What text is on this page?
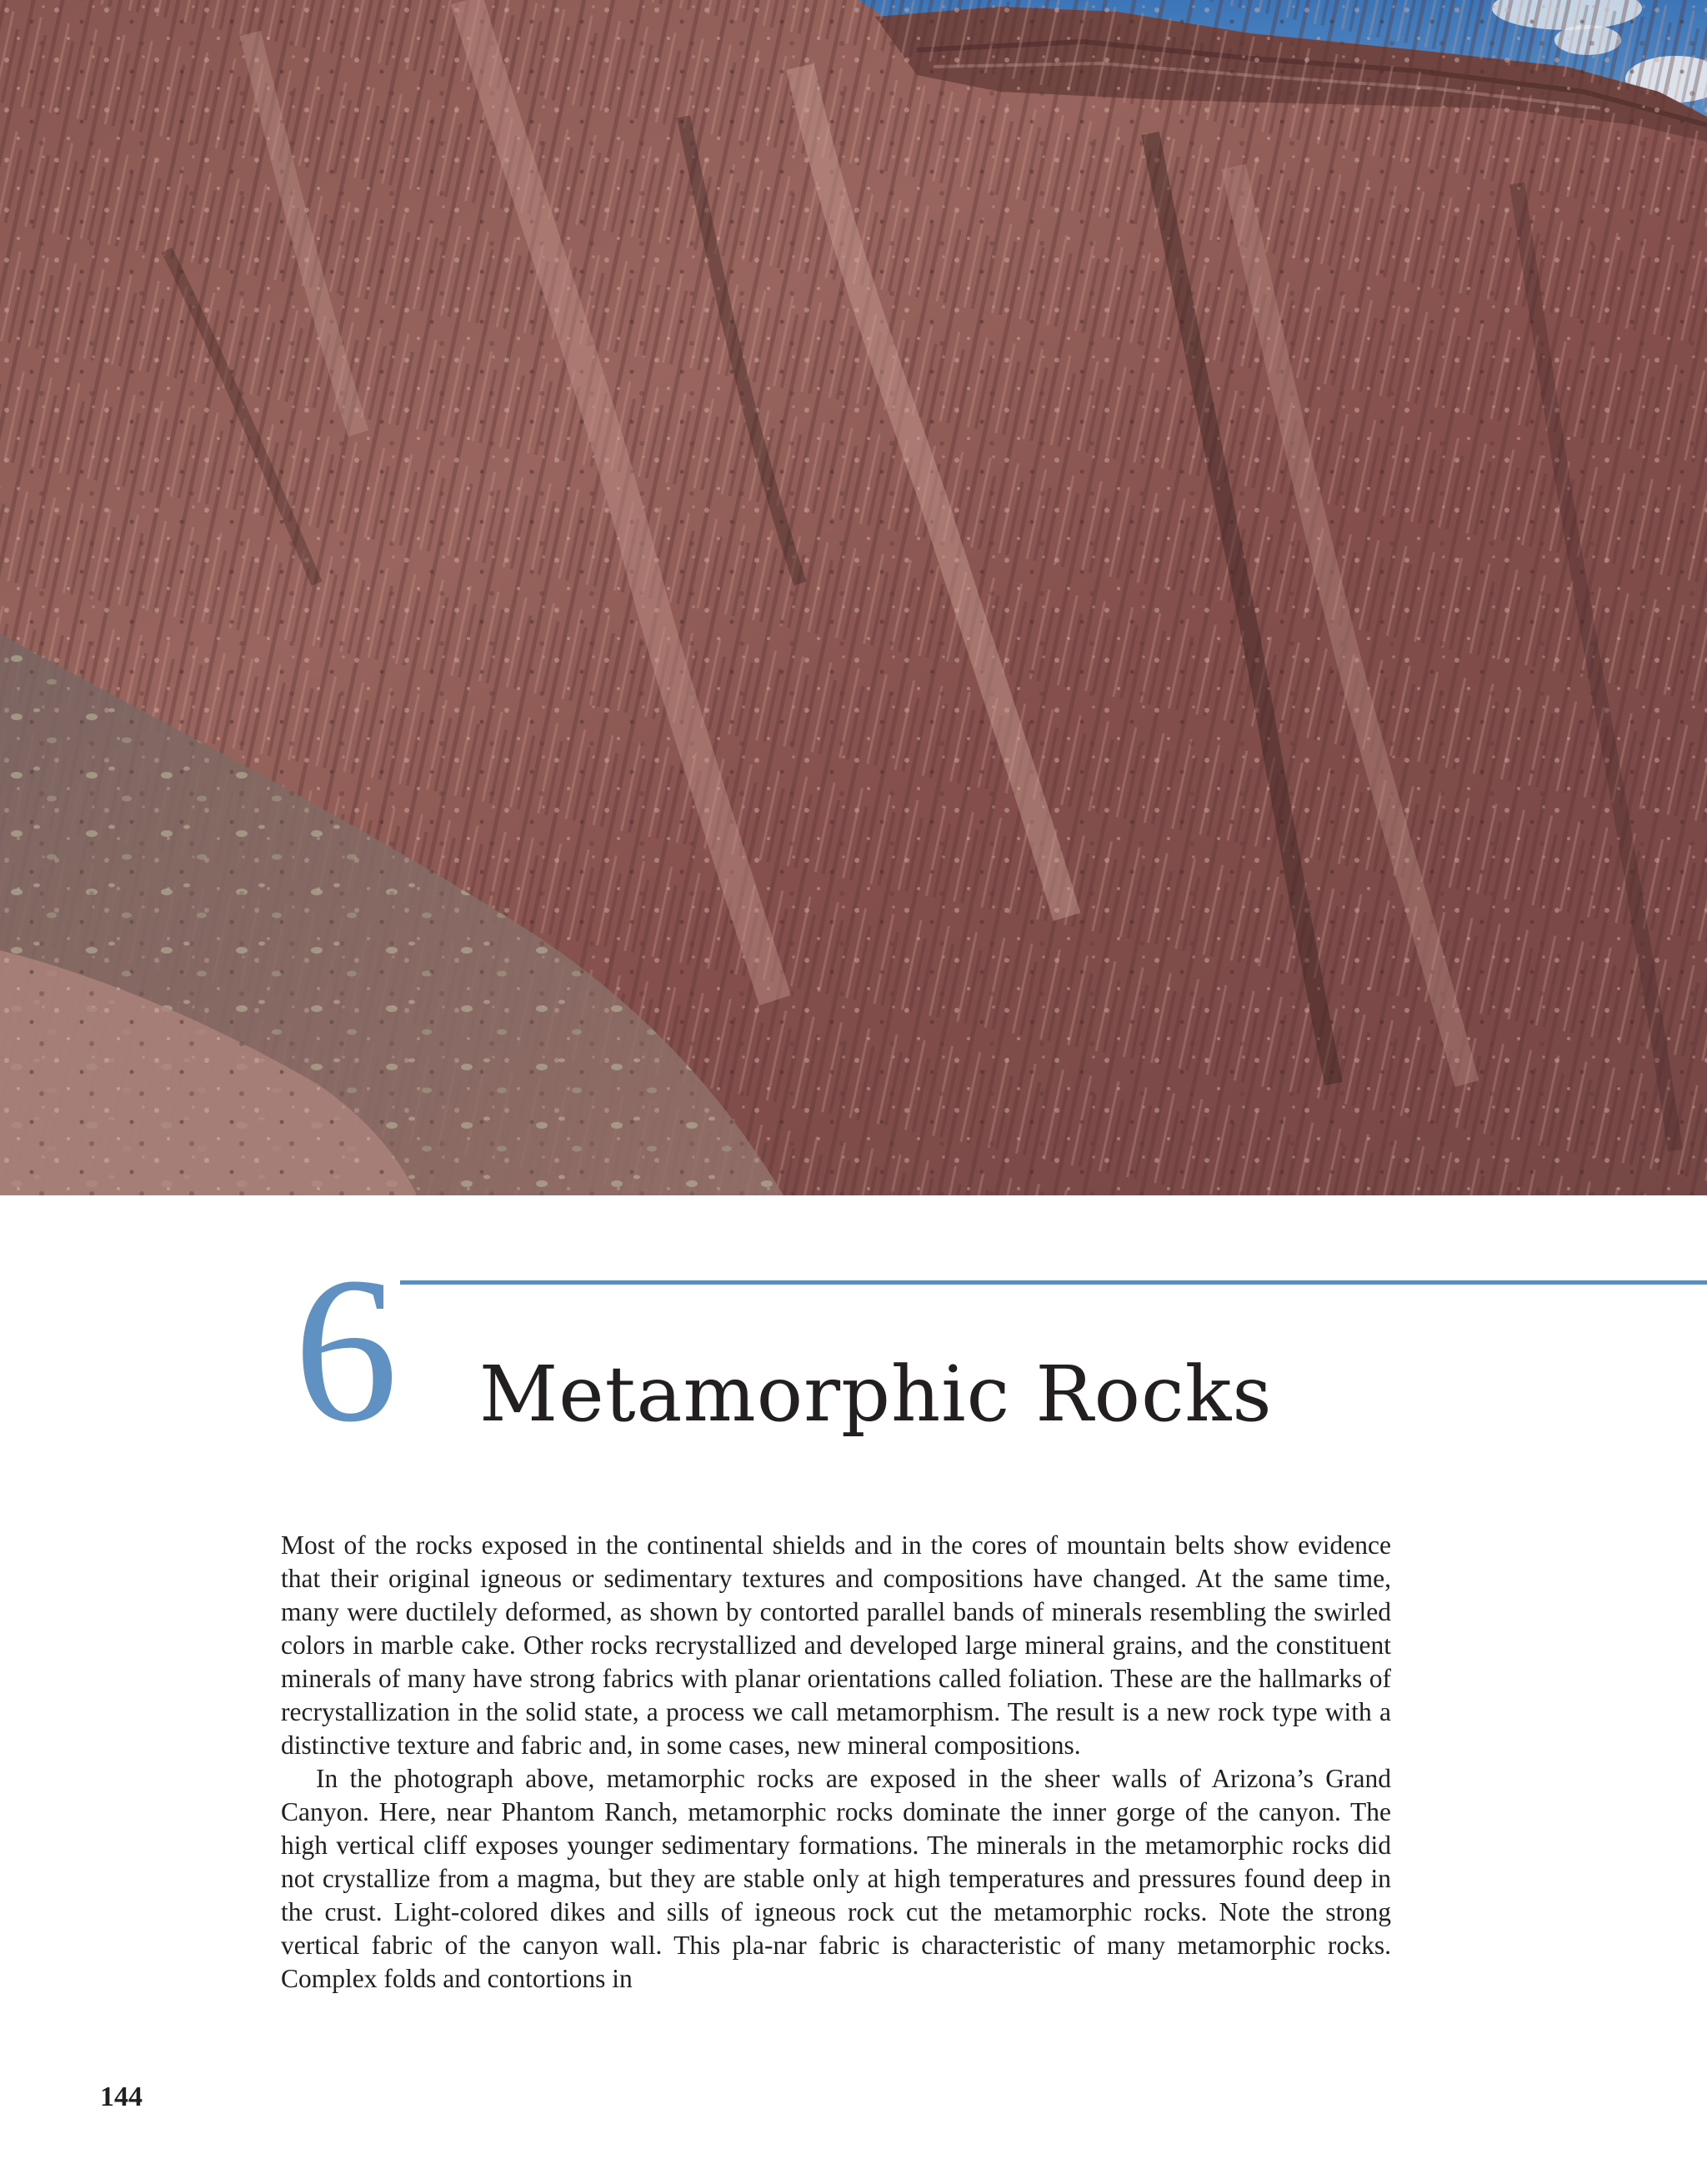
6 Metamorphic Rocks

Most of the rocks exposed in the continental shields and in the cores of mountain belts show evidence that their original igneous or sedimentary textures and compositions have changed. At the same time, many were ductilely deformed, as shown by contorted parallel bands of minerals resembling the swirled colors in marble cake. Other rocks recrystallized and developed large mineral grains, and the constituent minerals of many have strong fabrics with planar orientations called foliation. These are the hallmarks of recrystallization in the solid state, a process we call metamorphism. The result is a new rock type with a distinctive texture and fabric and, in some cases, new mineral compositions.

In the photograph above, metamorphic rocks are exposed in the sheer walls of Arizona’s Grand Canyon. Here, near Phantom Ranch, metamorphic rocks dominate the inner gorge of the canyon. The high vertical cliff exposes younger sedimentary formations. The minerals in the metamorphic rocks did not crystallize from a magma, but they are stable only at high temperatures and pressures found deep in the crust. Light-colored dikes and sills of igneous rock cut the metamorphic rocks. Note the strong vertical fabric of the canyon wall. This pla-nar fabric is characteristic of many metamorphic rocks. Complex folds and contortions in

144
